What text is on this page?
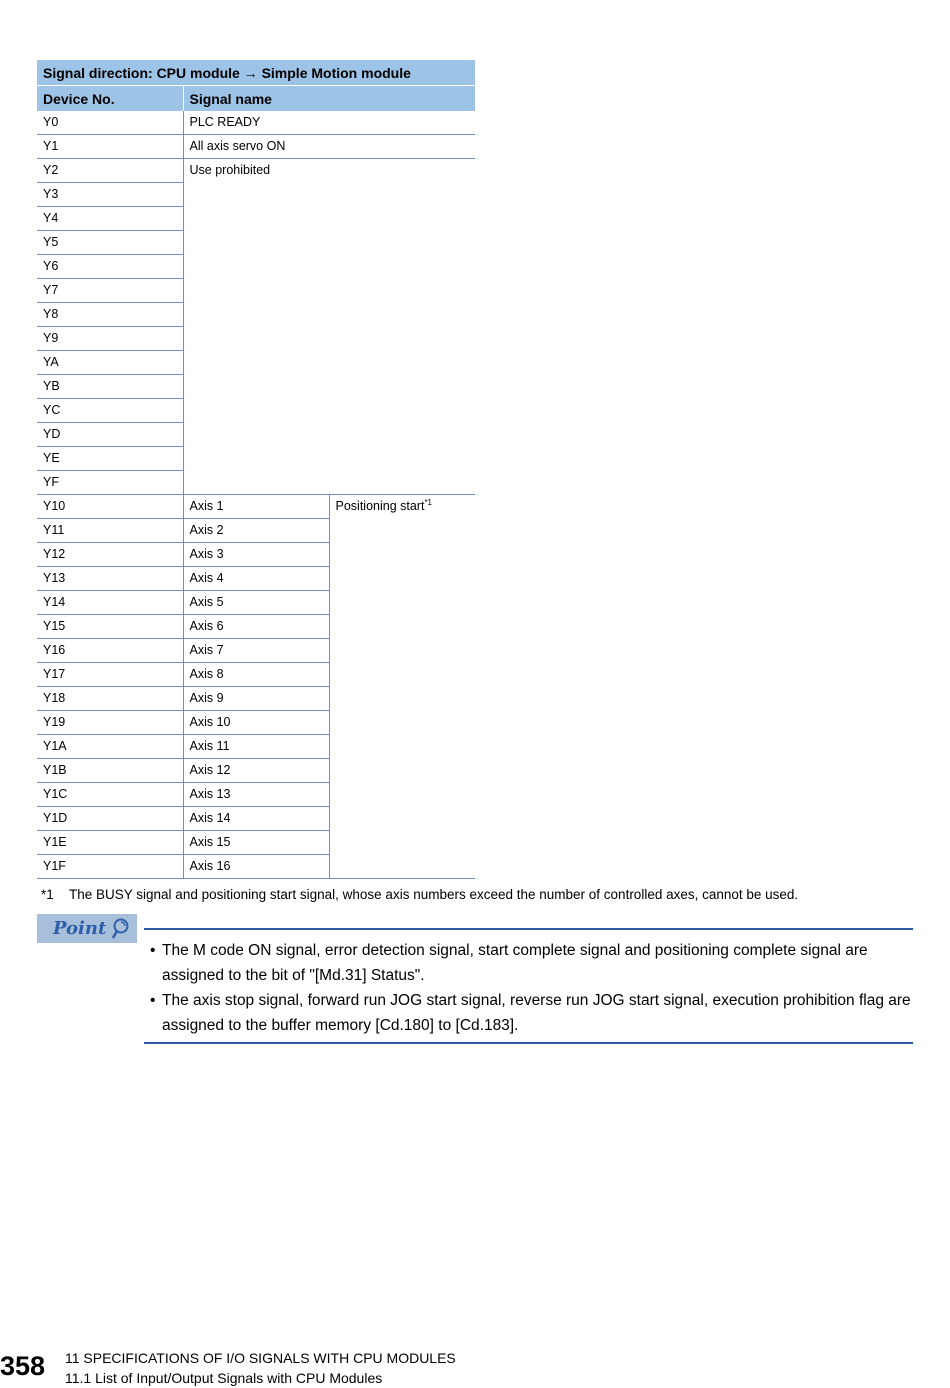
Signal direction: CPU module → Simple Motion module		
Device No.	Signal name	
Y0	PLC READY	
Y1	All axis servo ON	
Y2	Use prohibited	
Y3		
Y4		
Y5		
Y6		
Y7		
Y8		
Y9		
YA		
YB		
YC		
YD		
YE		
YF		
Y10	Axis 1	Positioning start$^{*1}$
Y11	Axis 2	
Y12	Axis 3	
Y13	Axis 4	
Y14	Axis 5	
Y15	Axis 6	
Y16	Axis 7	
Y17	Axis 8	
Y18	Axis 9	
Y19	Axis 10	
Y1A	Axis 11	
Y1B	Axis 12	
Y1C	Axis 13	
Y1D	Axis 14	
Y1E	Axis 15	
Y1F	Axis 16	
*1 The BUSY signal and positioning start signal, whose axis numbers exceed the number of controlled axes, cannot be used.
Point
• The M code ON signal, error detection signal, start complete signal and positioning complete signal are assigned to the bit of "[Md.31] Status".
• The axis stop signal, forward run JOG start signal, reverse run JOG start signal, execution prohibition flag are assigned to the buffer memory [Cd.180] to [Cd.183].
358 11 SPECIFICATIONS OF I/O SIGNALS WITH CPU MODULES
11.1 List of Input/Output Signals with CPU Modules
